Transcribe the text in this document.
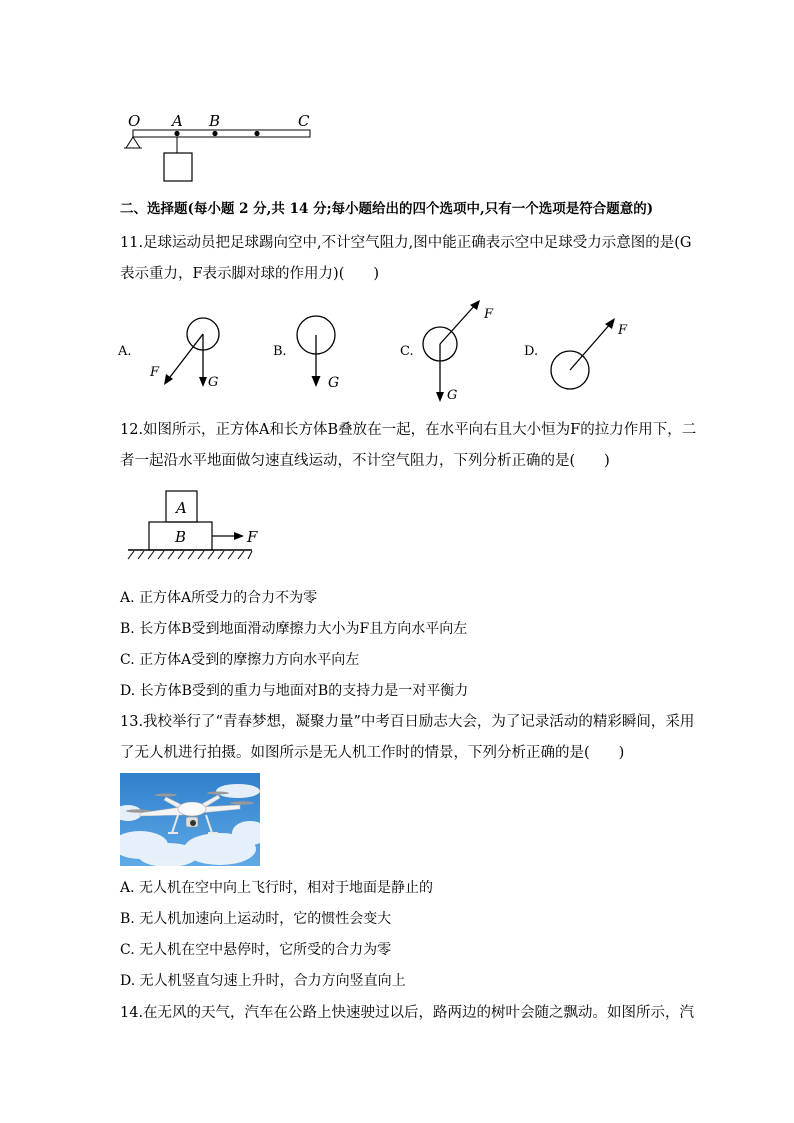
O A B	C
二、选择题(每小题 2 分,共 14 分;每小题给出的四个选项中,只有一个选项是符合题意的)
11.足球运动员把足球踢向空中,不计空气阻力,图中能正确表示空中足球受力示意图的是(G
表示重力，F表示脚对球的作用力)(　　)
A.
F
G
B.
G
C.
F
G
D.
F
12.如图所示，正方体A和长方体B叠放在一起，在水平向右且大小恒为F的拉力作用下，二
者一起沿水平地面做匀速直线运动，不计空气阻力，下列分析正确的是(　　)
A
B	F
A. 正方体A所受力的合力不为零
B. 长方体B受到地面滑动摩擦力大小为F且方向水平向左
C. 正方体A受到的摩擦力方向水平向左
D. 长方体B受到的重力与地面对B的支持力是一对平衡力
13.我校举行了“青春梦想，凝聚力量”中考百日励志大会，为了记录活动的精彩瞬间，采用
了无人机进行拍摄。如图所示是无人机工作时的情景，下列分析正确的是(　　)
A. 无人机在空中向上飞行时，相对于地面是静止的
B. 无人机加速向上运动时，它的惯性会变大
C. 无人机在空中悬停时，它所受的合力为零
D. 无人机竖直匀速上升时，合力方向竖直向上
14.在无风的天气，汽车在公路上快速驶过以后，路两边的树叶会随之飘动。如图所示，汽
